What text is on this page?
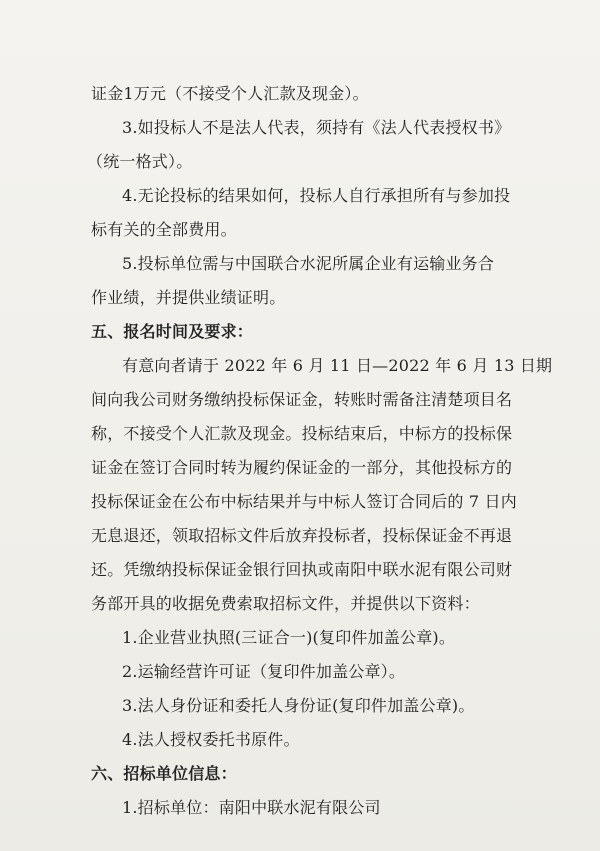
证金1万元（不接受个人汇款及现金）。
3.如投标人不是法人代表，须持有《法人代表授权书》
（统一格式）。
4.无论投标的结果如何，投标人自行承担所有与参加投
标有关的全部费用。
5.投标单位需与中国联合水泥所属企业有运输业务合
作业绩，并提供业绩证明。
五、报名时间及要求：
有意向者请于 2022 年 6 月 11 日—2022 年 6 月 13 日期
间向我公司财务缴纳投标保证金，转账时需备注清楚项目名
称，不接受个人汇款及现金。投标结束后，中标方的投标保
证金在签订合同时转为履约保证金的一部分，其他投标方的
投标保证金在公布中标结果并与中标人签订合同后的 7 日内
无息退还，领取招标文件后放弃投标者，投标保证金不再退
还。凭缴纳投标保证金银行回执或南阳中联水泥有限公司财
务部开具的收据免费索取招标文件，并提供以下资料：
1.企业营业执照(三证合一)(复印件加盖公章)。
2.运输经营许可证（复印件加盖公章）。
3.法人身份证和委托人身份证(复印件加盖公章)。
4.法人授权委托书原件。
六、招标单位信息：
1.招标单位：南阳中联水泥有限公司
